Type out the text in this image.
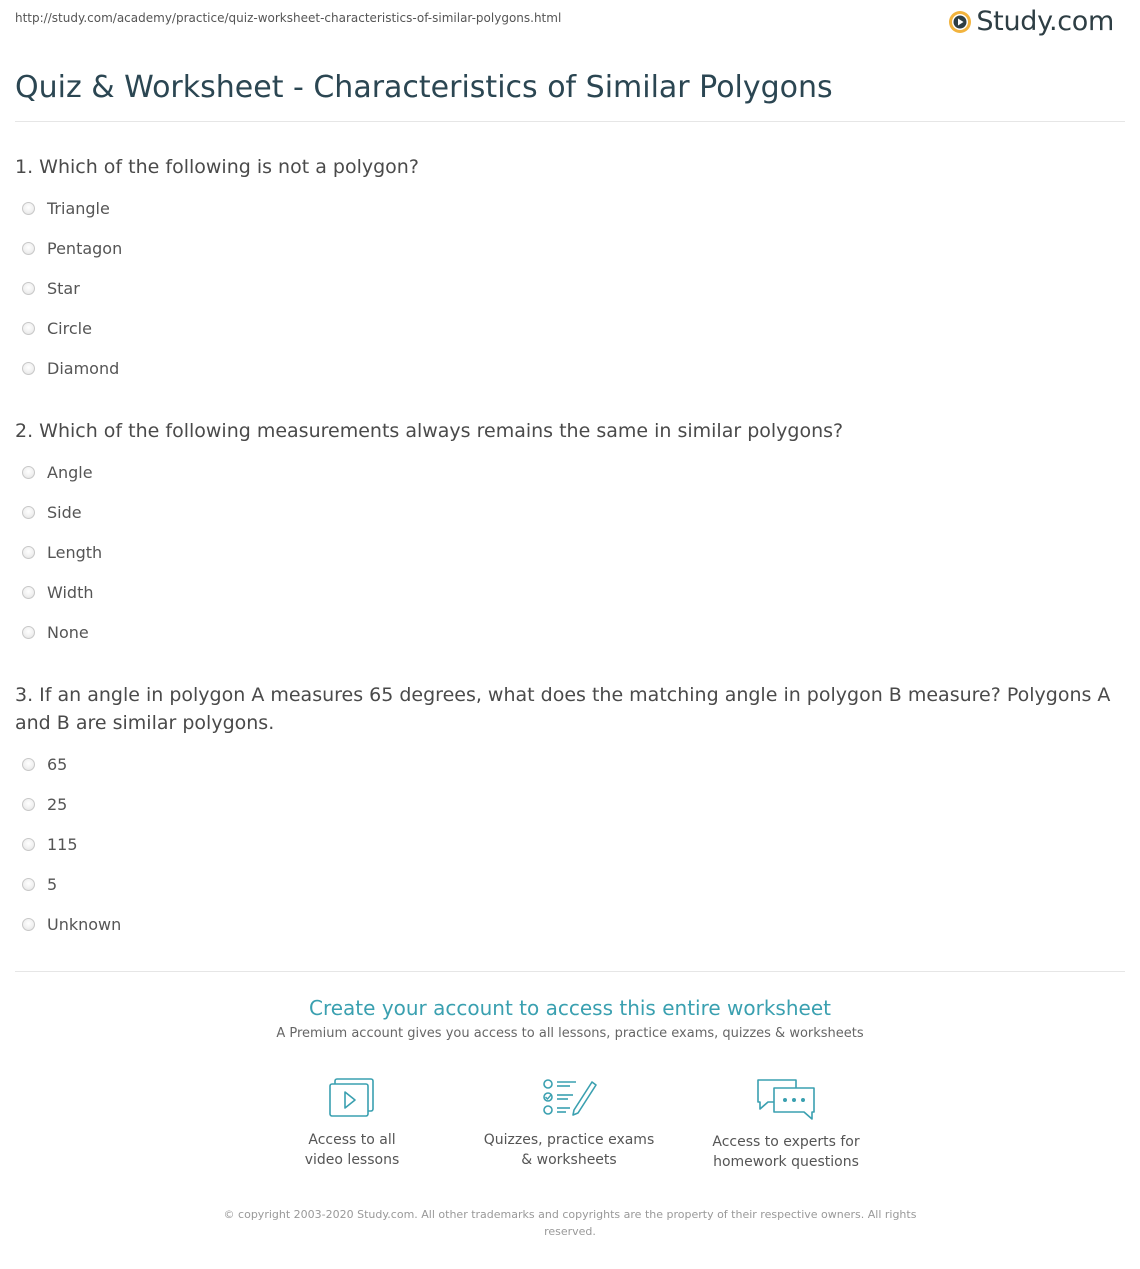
http://study.com/academy/practice/quiz-worksheet-characteristics-of-similar-polygons.html	Study.com
Quiz & Worksheet - Characteristics of Similar Polygons
1. Which of the following is not a polygon?
Triangle
Pentagon
Star
Circle
Diamond
2. Which of the following measurements always remains the same in similar polygons?
Angle
Side
Length
Width
None
3. If an angle in polygon A measures 65 degrees, what does the matching angle in polygon B measure? Polygons A and B are similar polygons.
65
25
115
5
Unknown
Create your account to access this entire worksheet
A Premium account gives you access to all lessons, practice exams, quizzes & worksheets
Access to all
video lessons
Quizzes, practice exams
& worksheets
Access to experts for
homework questions
© copyright 2003-2020 Study.com. All other trademarks and copyrights are the property of their respective owners. All rights reserved.
